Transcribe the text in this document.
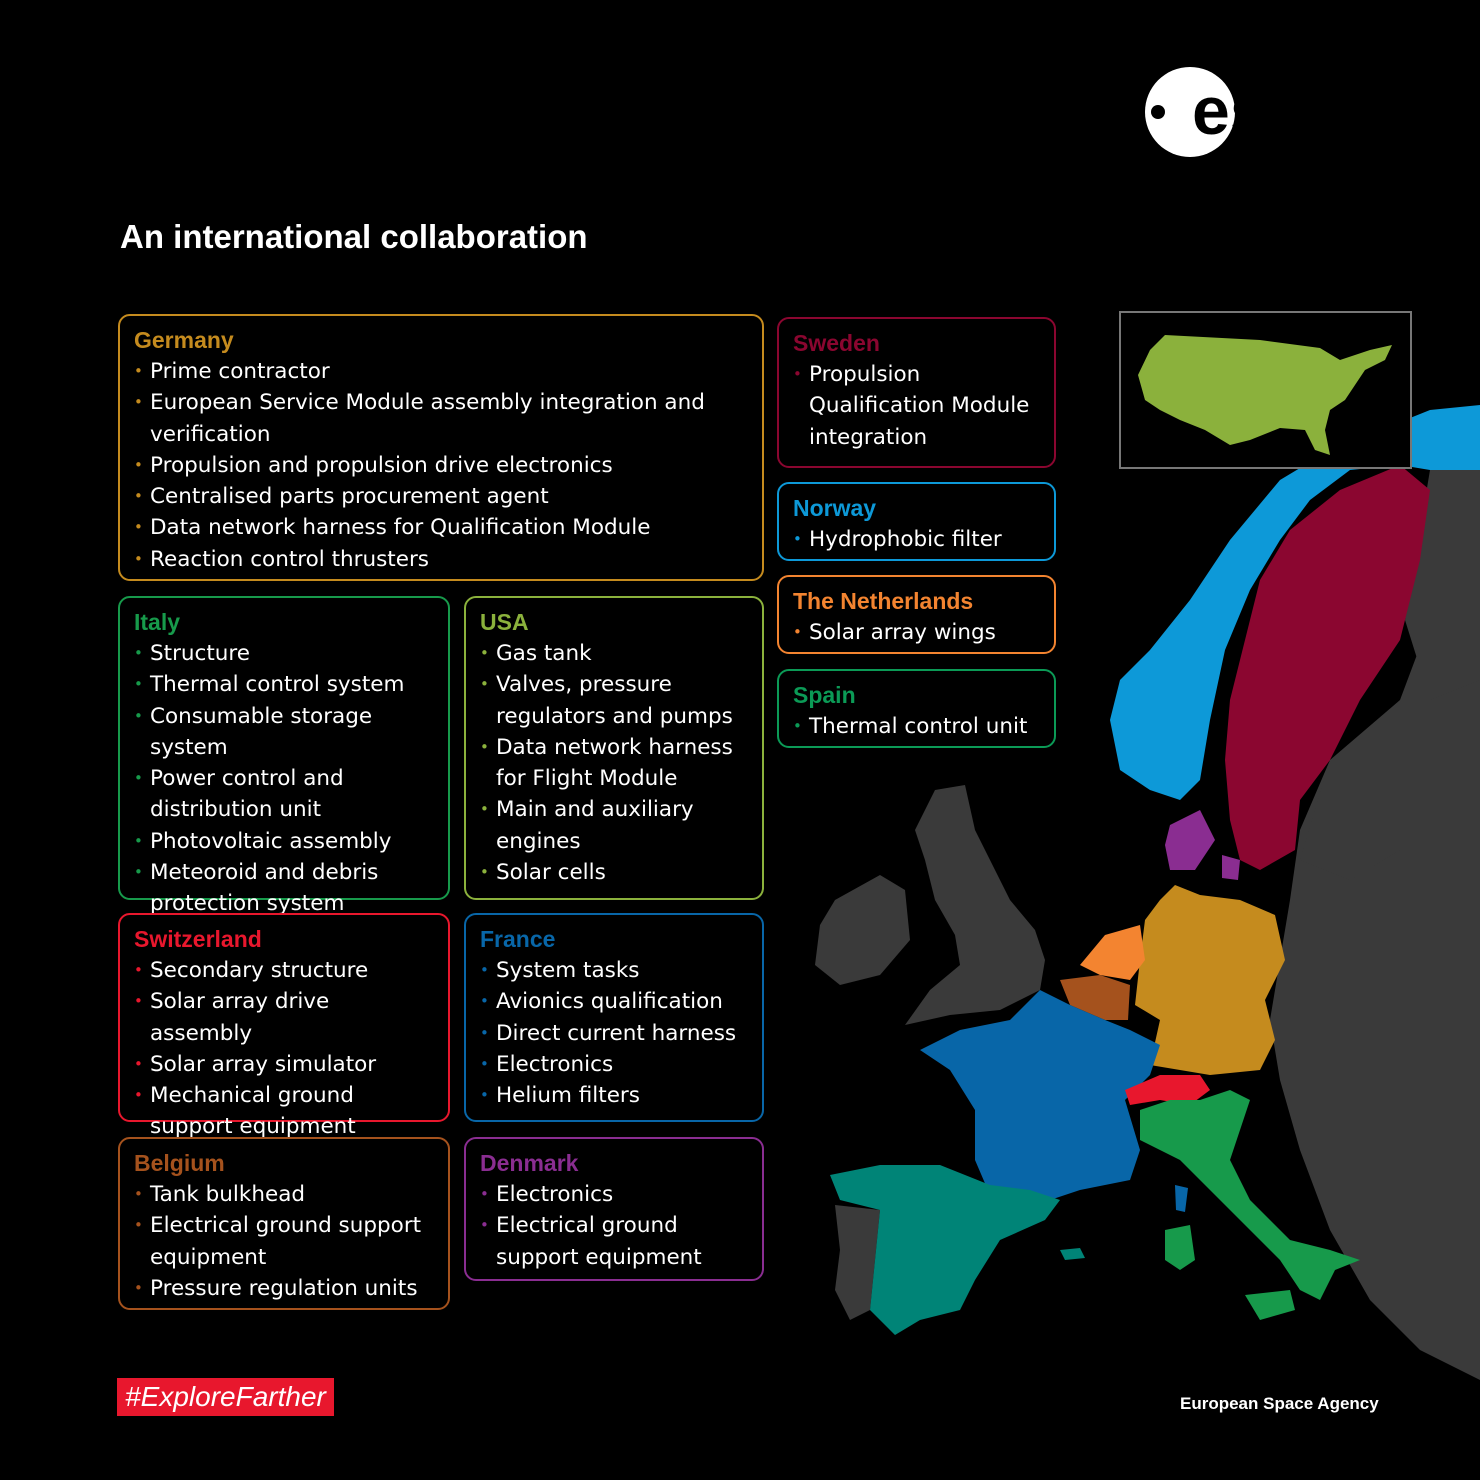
esa
An international collaboration
Germany
• Prime contractor
• European Service Module assembly integration and verification
• Propulsion and propulsion drive electronics
• Centralised parts procurement agent
• Data network harness for Qualification Module
• Reaction control thrusters
Italy
• Structure
• Thermal control system
• Consumable storage system
• Power control and distribution unit
• Photovoltaic assembly
• Meteoroid and debris protection system
USA
• Gas tank
• Valves, pressure regulators and pumps
• Data network harness for Flight Module
• Main and auxiliary engines
• Solar cells
Switzerland
• Secondary structure
• Solar array drive assembly
• Solar array simulator
• Mechanical ground support equipment
France
• System tasks
• Avionics qualification
• Direct current harness
• Electronics
• Helium filters
Belgium
• Tank bulkhead
• Electrical ground support equipment
• Pressure regulation units
Denmark
• Electronics
• Electrical ground support equipment
Sweden
• Propulsion Qualification Module integration
Norway
• Hydrophobic filter
The Netherlands
• Solar array wings
Spain
• Thermal control unit
#ExploreFarther	European Space Agency
